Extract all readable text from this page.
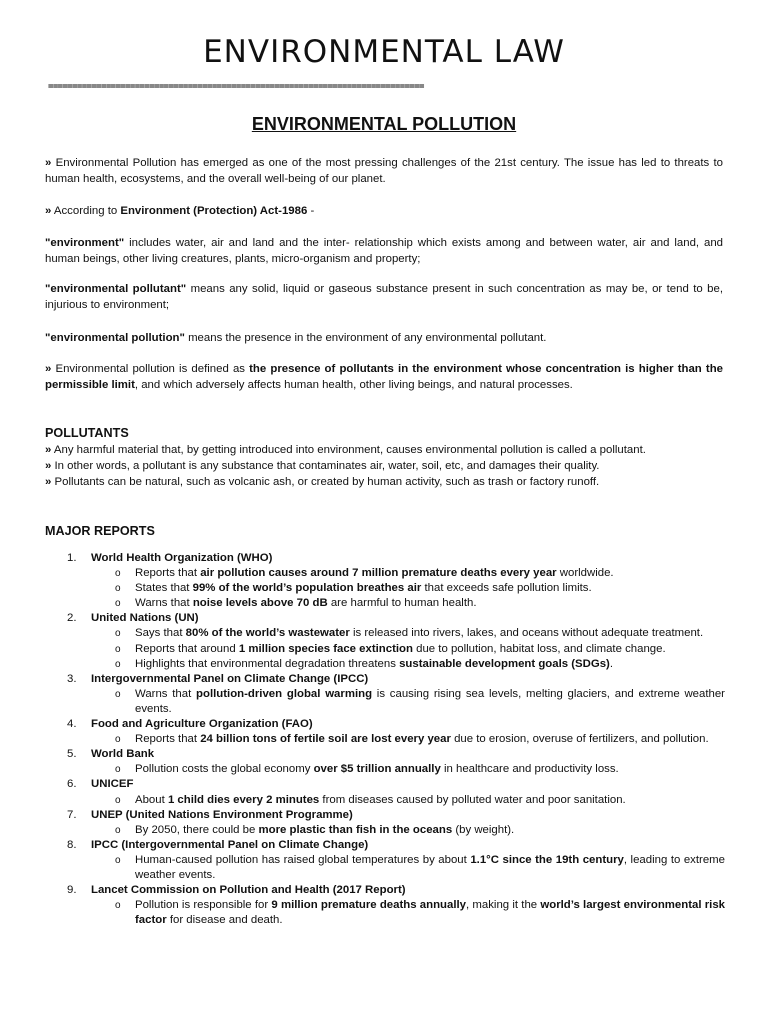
ENVIRONMENTAL LAW
==============================================================================
ENVIRONMENTAL POLLUTION

» Environmental Pollution has emerged as one of the most pressing challenges of the 21st century. The issue has led to threats to human health, ecosystems, and the overall well-being of our planet.

» According to Environment (Protection) Act-1986 -

"environment" includes water, air and land and the inter- relationship which exists among and between water, air and land, and human beings, other living creatures, plants, micro-organism and property;

"environmental pollutant" means any solid, liquid or gaseous substance present in such concentration as may be, or tend to be, injurious to environment;

"environmental pollution" means the presence in the environment of any environmental pollutant.

» Environmental pollution is defined as the presence of pollutants in the environment whose concentration is higher than the permissible limit, and which adversely affects human health, other living beings, and natural processes.

POLLUTANTS

» Any harmful material that, by getting introduced into environment, causes environmental pollution is called a pollutant.
» In other words, a pollutant is any substance that contaminates air, water, soil, etc, and damages their quality.
» Pollutants can be natural, such as volcanic ash, or created by human activity, such as trash or factory runoff.

MAJOR REPORTS

1. World Health Organization (WHO)
o Reports that air pollution causes around 7 million premature deaths every year worldwide.
o States that 99% of the world’s population breathes air that exceeds safe pollution limits.
o Warns that noise levels above 70 dB are harmful to human health.
2. United Nations (UN)
o Says that 80% of the world’s wastewater is released into rivers, lakes, and oceans without adequate treatment.
o Reports that around 1 million species face extinction due to pollution, habitat loss, and climate change.
o Highlights that environmental degradation threatens sustainable development goals (SDGs).
3. Intergovernmental Panel on Climate Change (IPCC)
o Warns that pollution-driven global warming is causing rising sea levels, melting glaciers, and extreme weather events.
4. Food and Agriculture Organization (FAO)
o Reports that 24 billion tons of fertile soil are lost every year due to erosion, overuse of fertilizers, and pollution.
5. World Bank
o Pollution costs the global economy over $5 trillion annually in healthcare and productivity loss.
6. UNICEF
o About 1 child dies every 2 minutes from diseases caused by polluted water and poor sanitation.
7. UNEP (United Nations Environment Programme)
o By 2050, there could be more plastic than fish in the oceans (by weight).
8. IPCC (Intergovernmental Panel on Climate Change)
o Human-caused pollution has raised global temperatures by about 1.1°C since the 19th century, leading to extreme weather events.
9. Lancet Commission on Pollution and Health (2017 Report)
o Pollution is responsible for 9 million premature deaths annually, making it the world’s largest environmental risk factor for disease and death.
